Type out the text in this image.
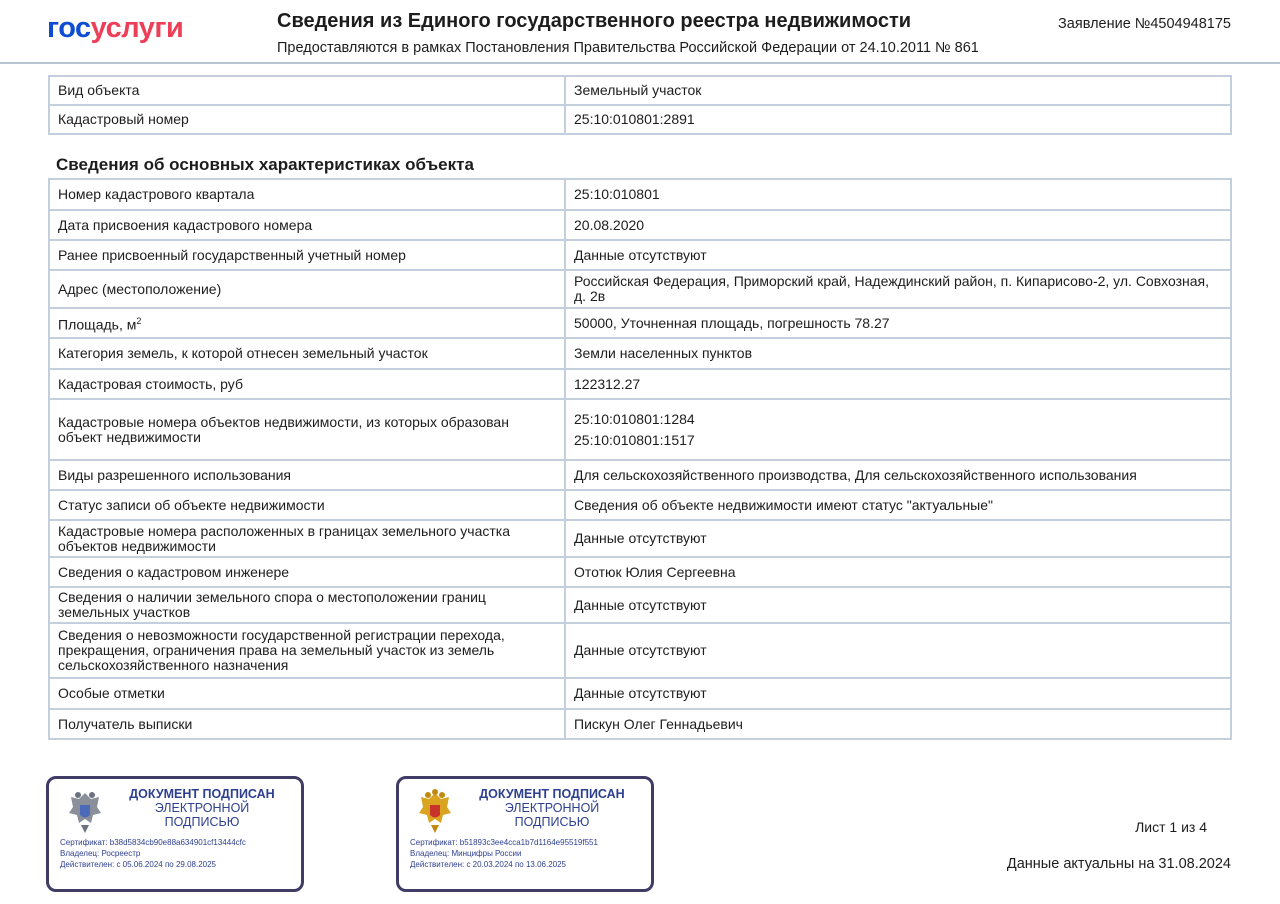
госуслуги	Сведения из Единого государственного реестра недвижимости
Предоставляются в рамках Постановления Правительства Российской Федерации от 24.10.2011 № 861
Заявление №4504948175
Вид объекта	Земельный участок
Кадастровый номер	25:10:010801:2891
Сведения об основных характеристиках объекта
Номер кадастрового квартала	25:10:010801
Дата присвоения кадастрового номера	20.08.2020
Ранее присвоенный государственный учетный номер	Данные отсутствуют
Адрес (местоположение)	Российская Федерация, Приморский край, Надеждинский район, п. Кипарисово-2, ул. Совхозная, д. 2в
Площадь, $м^2$	50000, Уточненная площадь, погрешность 78.27
Категория земель, к которой отнесен земельный участок	Земли населенных пунктов
Кадастровая стоимость, руб	122312.27
Кадастровые номера объектов недвижимости, из которых образован объект недвижимости	25:10:010801:1284
25:10:010801:1517

Виды разрешенного использования	Для сельскохозяйственного производства, Для сельскохозяйственного использования
Статус записи об объекте недвижимости	Сведения об объекте недвижимости имеют статус "актуальные"
Кадастровые номера расположенных в границах земельного участка объектов недвижимости	Данные отсутствуют
Сведения о кадастровом инженере	Ототюк Юлия Сергеевна
Сведения о наличии земельного спора о местоположении границ земельных участков	Данные отсутствуют
Сведения о невозможности государственной регистрации перехода, прекращения, ограничения права на земельный участок из земель сельскохозяйственного назначения	Данные отсутствуют
Особые отметки	Данные отсутствуют
Получатель выписки	Пискун Олег Геннадьевич
ДОКУМЕНТ ПОДПИСАН
ЭЛЕКТРОННОЙ
ПОДПИСЬЮ
Сертификат: b38d5834cb90e88a634901cf13444cfc
Владелец: Росреестр
Действителен: с 05.06.2024 по 29.08.2025
ДОКУМЕНТ ПОДПИСАН
ЭЛЕКТРОННОЙ
ПОДПИСЬЮ
Сертификат: b51893c3ee4cca1b7d1164e95519f551
Владелец: Минцифры России
Действителен: с 20.03.2024 по 13.06.2025
Лист 1 из 4
Данные актуальны на 31.08.2024
